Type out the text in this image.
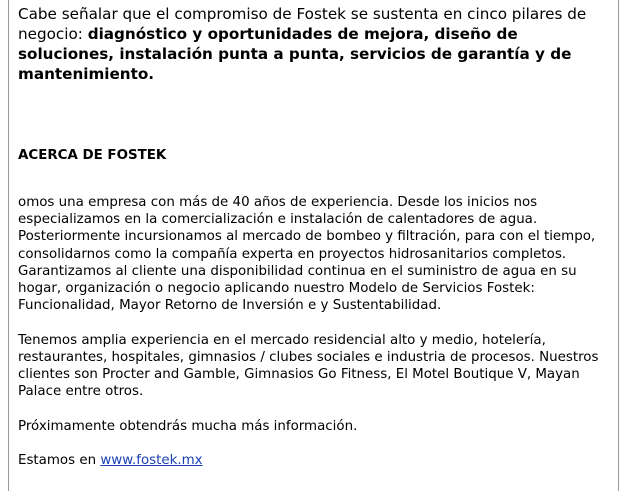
Cabe señalar que el compromiso de Fostek se sustenta en cinco pilares de negocio: diagnóstico y oportunidades de mejora, diseño de soluciones, instalación punta a punta, servicios de garantía y de mantenimiento.
ACERCA DE FOSTEK

omos una empresa con más de 40 años de experiencia. Desde los inicios nos
especializamos en la comercialización e instalación de calentadores de agua.
Posteriormente incursionamos al mercado de bombeo y filtración, para con el tiempo,
consolidarnos como la compañía experta en proyectos hidrosanitarios completos.
Garantizamos al cliente una disponibilidad continua en el suministro de agua en su
hogar, organización o negocio aplicando nuestro Modelo de Servicios Fostek:
Funcionalidad, Mayor Retorno de Inversión e y Sustentabilidad.

Tenemos amplia experiencia en el mercado residencial alto y medio, hotelería,
restaurantes, hospitales, gimnasios / clubes sociales e industria de procesos. Nuestros
clientes son Procter and Gamble, Gimnasios Go Fitness, El Motel Boutique V, Mayan
Palace entre otros.

Próximamente obtendrás mucha más información.

Estamos en www.fostek.mx
